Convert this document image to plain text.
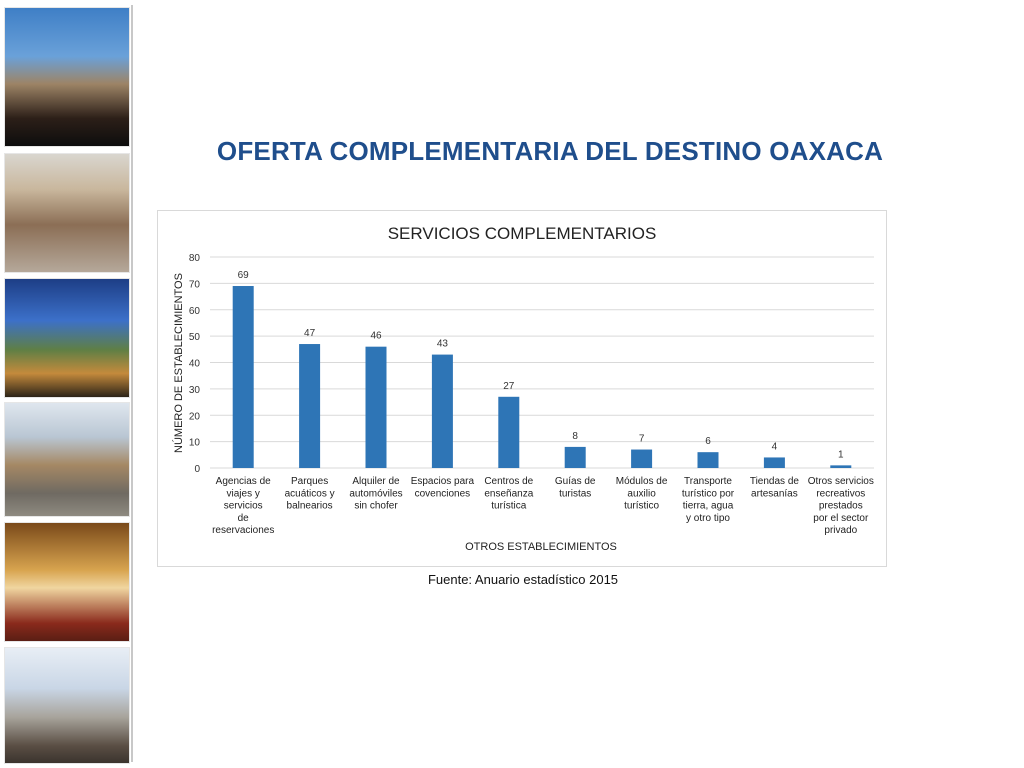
OFERTA COMPLEMENTARIA DEL DESTINO OAXACA
SERVICIOS COMPLEMENTARIOS
NÚMERO DE ESTABLECIMIENTOS
OTROS ESTABLECIMIENTOS
0
10
20
30
40
50
60
70
80
69
Agencias de viajes y servicios de reservaciones
47
Parques acuáticos y balnearios
46
Alquiler de automóviles sin chofer
43
Espacios para covenciones
27
Centros de enseñanza turística
8
Guías de turistas
7
Módulos de auxilio turístico
6
Transporte turístico por tierra, agua y otro tipo
4
Tiendas de artesanías
1
Otros servicios recreativos prestados por el sector privado
Fuente: Anuario estadístico 2015
